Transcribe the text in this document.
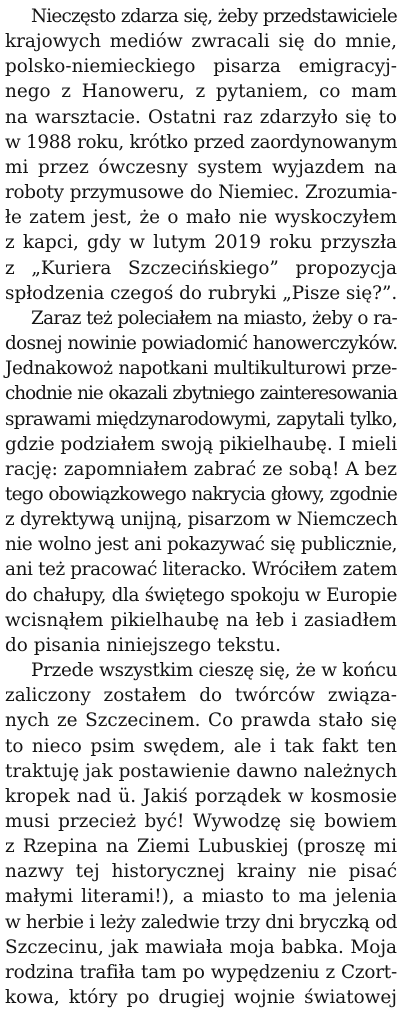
Nieczęsto zdarza się, żeby przedstawiciele
krajowych mediów zwracali się do mnie,
polsko-niemieckiego pisarza emigracyj-
nego z Hanoweru, z pytaniem, co mam
na warsztacie. Ostatni raz zdarzyło się to
w 1988 roku, krótko przed zaordynowanym
mi przez ówczesny system wyjazdem na
roboty przymusowe do Niemiec. Zrozumia-
łe zatem jest, że o mało nie wyskoczyłem
z kapci, gdy w lutym 2019 roku przyszła
z „Kuriera Szczecińskiego” propozycja
spłodzenia czegoś do rubryki „Pisze się?”.
Zaraz też poleciałem na miasto, żeby o ra-
dosnej nowinie powiadomić hanowerczyków.
Jednakowoż napotkani multikulturowi prze-
chodnie nie okazali zbytniego zainteresowania
sprawami międzynarodowymi, zapytali tylko,
gdzie podziałem swoją pikielhaubę. I mieli
rację: zapomniałem zabrać ze sobą! A bez
tego obowiązkowego nakrycia głowy, zgodnie
z dyrektywą unijną, pisarzom w Niemczech
nie wolno jest ani pokazywać się publicznie,
ani też pracować literacko. Wróciłem zatem
do chałupy, dla świętego spokoju w Europie
wcisnąłem pikielhaubę na łeb i zasiadłem
do pisania niniejszego tekstu.
Przede wszystkim cieszę się, że w końcu
zaliczony zostałem do twórców związa-
nych ze Szczecinem. Co prawda stało się
to nieco psim swędem, ale i tak fakt ten
traktuję jak postawienie dawno należnych
kropek nad ü. Jakiś porządek w kosmosie
musi przecież być! Wywodzę się bowiem
z Rzepina na Ziemi Lubuskiej (proszę mi
nazwy tej historycznej krainy nie pisać
małymi literami!), a miasto to ma jelenia
w herbie i leży zaledwie trzy dni bryczką od
Szczecinu, jak mawiała moja babka. Moja
rodzina trafiła tam po wypędzeniu z Czort-
kowa, który po drugiej wojnie światowej
